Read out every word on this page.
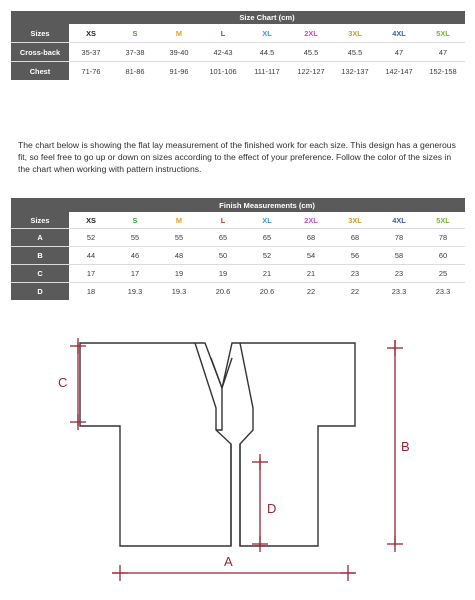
	Size Chart (cm)								
Sizes	XS	S	M	L	XL	2XL	3XL	4XL	5XL
Cross-back	35-37	37-38	39-40	42-43	44.5	45.5	45.5	47	47
Chest	71-76	81-86	91-96	101-106	111-117	122-127	132-137	142-147	152-158

The chart below is showing the flat lay measurement of the finished work for each size. This design has a generous fit, so feel free to go up or down on sizes according to the effect of your preference. Follow the color of the sizes in the chart when working with pattern instructions.

	Finish Measurements (cm)								
Sizes	XS	S	M	L	XL	2XL	3XL	4XL	5XL
A	52	55	55	65	65	68	68	78	78
B	44	46	48	50	52	54	56	58	60
C	17	17	19	19	21	21	23	23	25
D	18	19.3	19.3	20.6	20.6	22	22	23.3	23.3
C
B
D
A
